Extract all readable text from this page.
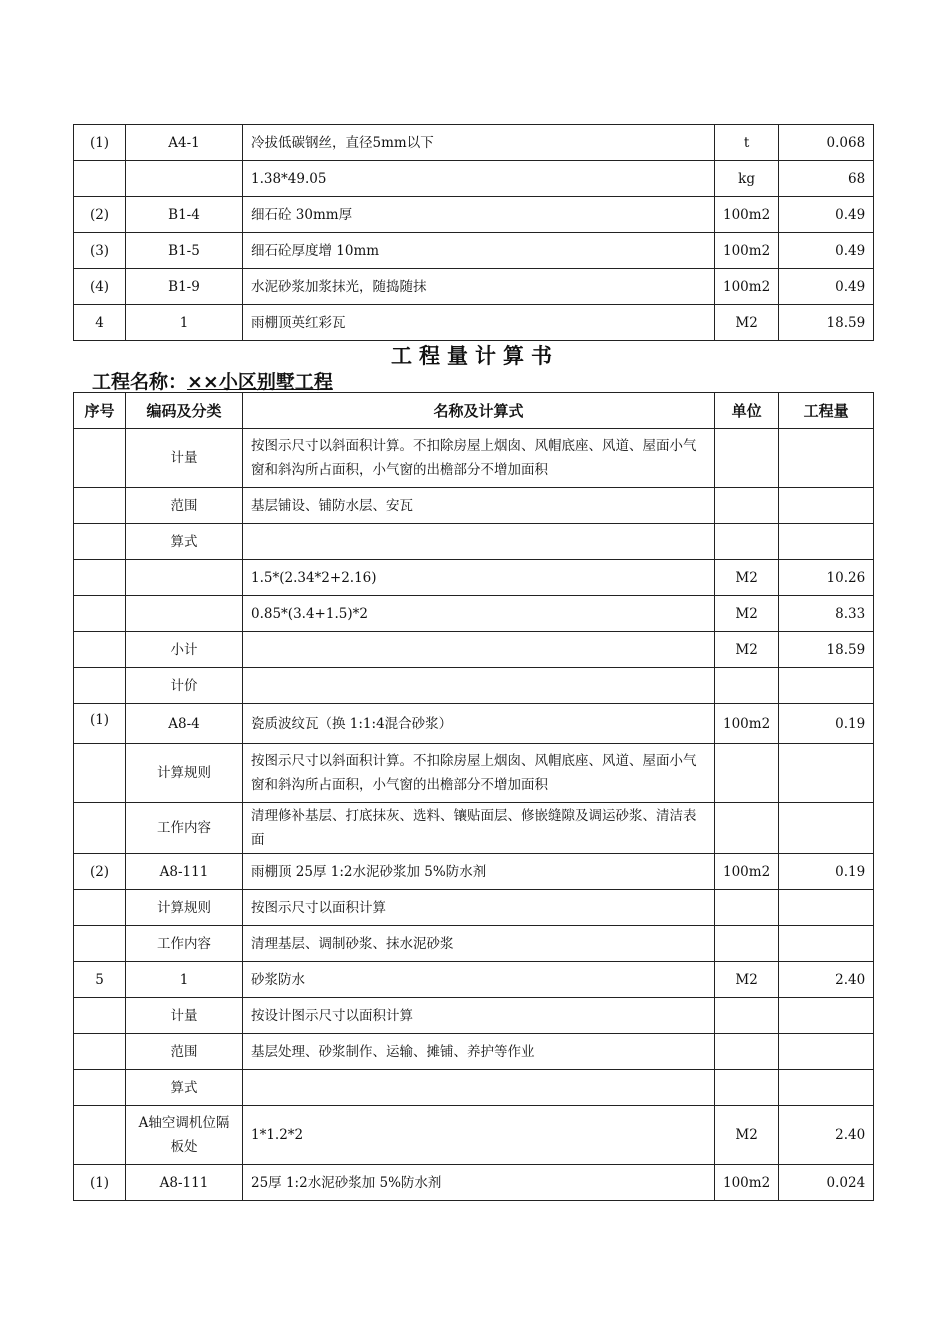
(1)	A4-1	冷拔低碳钢丝，直径5mm以下	t	0.068
		1.38*49.05	kg	68
(2)	B1-4	细石砼 30mm厚	100m2	0.49
(3)	B1-5	细石砼厚度增 10mm	100m2	0.49
(4)	B1-9	水泥砂浆加浆抹光，随捣随抹	100m2	0.49
4	1	雨棚顶英红彩瓦	M2	18.59
工程量计算书
工程名称：××小区别墅工程
序号	编码及分类	名称及计算式	单位	工程量
	计量	按图示尺寸以斜面积计算。不扣除房屋上烟囱、风帽底座、风道、屋面小气窗和斜沟所占面积，小气窗的出檐部分不增加面积		
	范围	基层铺设、铺防水层、安瓦		
	算式			
		1.5*(2.34*2+2.16)	M2	10.26
		0.85*(3.4+1.5)*2	M2	8.33
	小计		M2	18.59
	计价			
(1)	A8-4	瓷质波纹瓦（换 1:1:4混合砂浆）	100m2	0.19
	计算规则	按图示尺寸以斜面积计算。不扣除房屋上烟囱、风帽底座、风道、屋面小气窗和斜沟所占面积，小气窗的出檐部分不增加面积		
	工作内容	清理修补基层、打底抹灰、选料、镶贴面层、修嵌缝隙及调运砂浆、清洁表面		
(2)	A8-111	雨棚顶 25厚 1:2水泥砂浆加 5%防水剂	100m2	0.19
	计算规则	按图示尺寸以面积计算		
	工作内容	清理基层、调制砂浆、抹水泥砂浆		
5	1	砂浆防水	M2	2.40
	计量	按设计图示尺寸以面积计算		
	范围	基层处理、砂浆制作、运输、摊铺、养护等作业		
	算式			
	A轴空调机位隔板处	1*1.2*2	M2	2.40
(1)	A8-111	25厚 1:2水泥砂浆加 5%防水剂	100m2	0.024
